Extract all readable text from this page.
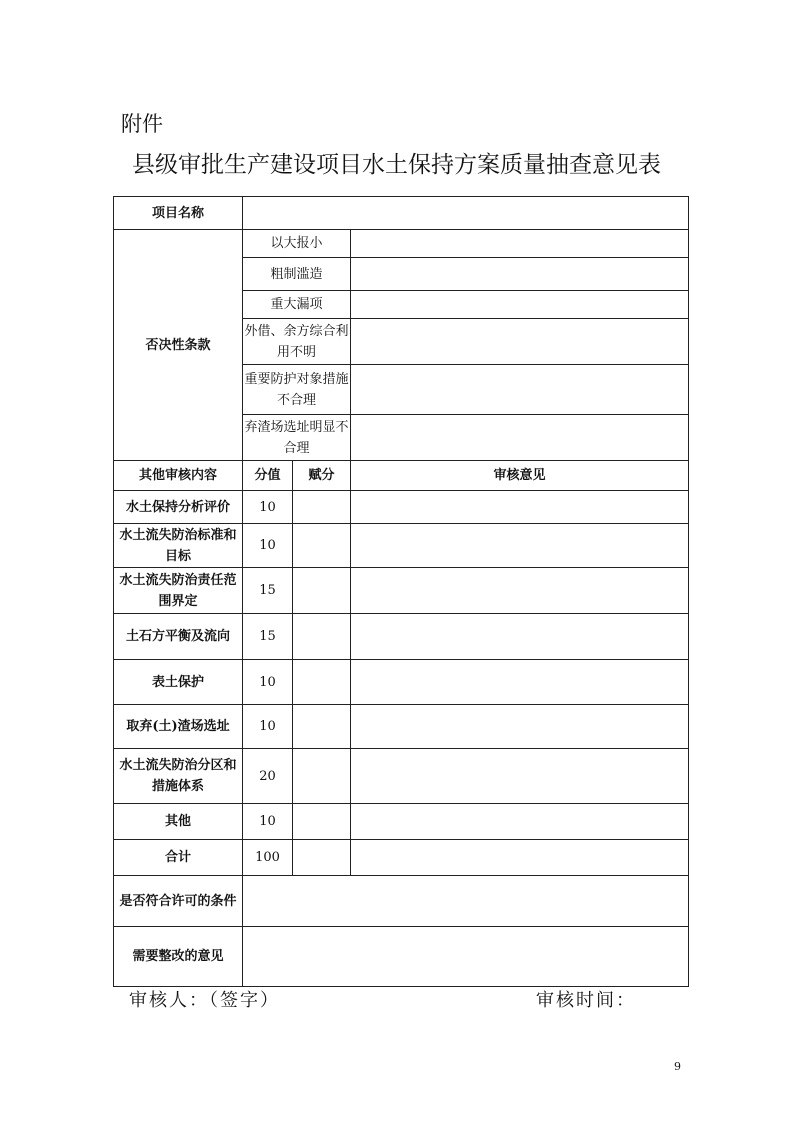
附件
县级审批生产建设项目水土保持方案质量抽查意见表
项目名称			
否决性条款	以大报小		
	粗制滥造		
	重大漏项		
	外借、余方综合利用不明		
	重要防护对象措施不合理		
	弃渣场选址明显不合理		
其他审核内容	分值	赋分	审核意见
水土保持分析评价	10		
水土流失防治标准和目标	10		
水土流失防治责任范围界定	15		
土石方平衡及流向	15		
表土保护	10		
取弃(土)渣场选址	10		
水土流失防治分区和措施体系	20		
其他	10		
合计	100		
是否符合许可的条件			
需要整改的意见			
审核人：（签字）	审核时间：
9
